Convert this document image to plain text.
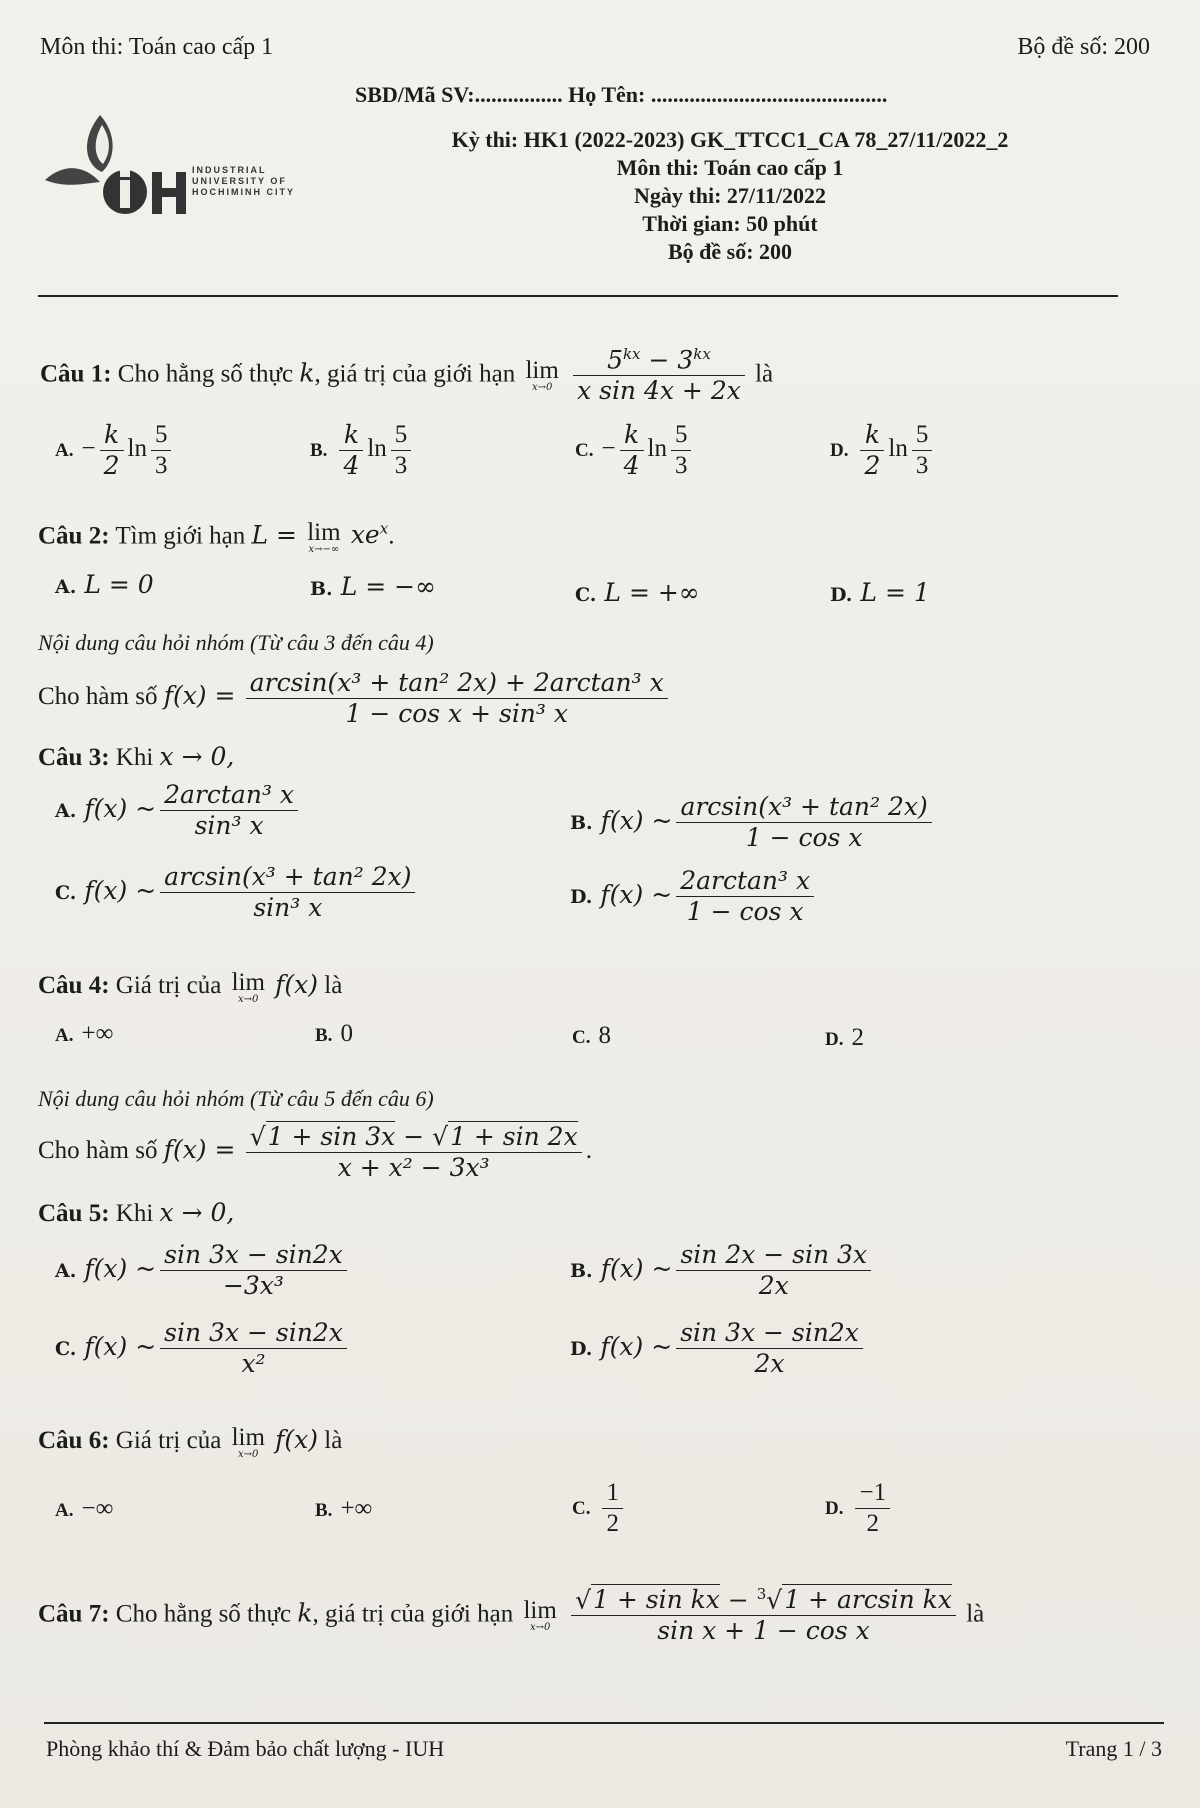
Môn thi: Toán cao cấp 1	Bộ đề số: 200
SBD/Mã SV:................ Họ Tên: ...........................................
INDUSTRIAL
UNIVERSITY OF
HOCHIMINH CITY
Kỳ thi: HK1 (2022-2023) GK_TTCC1_CA 78_27/11/2022_2
Môn thi: Toán cao cấp 1
Ngày thi: 27/11/2022
Thời gian: 50 phút
Bộ đề số: 200
Câu 1: Cho hằng số thực k, giá trị của giới hạn lim
x→0
$\frac{5^{kx} - 3^{kx}}{\text{x sin 4x + 2x}}$ là
A. − $\frac{k}{2}$ $\ln \frac{5}{3}$	B. $\frac{k}{4}$ $\ln \frac{5}{3}$	C. − $\frac{k}{4}$ $\ln \frac{5}{3}$	D. $\frac{k}{2}$ $\ln \frac{5}{3}$
Câu 2: Tìm giới hạn L = lim
x→−∞
$xe^x$.
A. L = 0	B. L = −∞	C. L = +∞	D. L = 1
Nội dung câu hỏi nhóm (Từ câu 3 đến câu 4)
Cho hàm số $f(x) = \frac{\text{arcsin(x³ + tan² 2x) + 2arctan³ x}}{\text{1 − cos x + sin³ x}}$
Câu 3: Khi x → 0,
A. f(x) ~ $\frac{\text{2arctan³ x}}{\text{sin³ x}}$	B. f(x) ~ $\frac{\text{arcsin(x³ + tan² 2x)}}{\text{1 − cos x}}$
C. f(x) ~ $\frac{\text{arcsin(x³ + tan² 2x)}}{\text{sin³ x}}$	D. f(x) ~ $\frac{\text{2arctan³ x}}{\text{1 − cos x}}$
Câu 4: Giá trị của lim
x→0
f(x) là
A. +∞	B. 0	C. 8	D. 2
Nội dung câu hỏi nhóm (Từ câu 5 đến câu 6)
Cho hàm số $f(x) = \frac{√1 + \sin 3x - √1 + \sin 2x}{\text{x + x² − 3x³}}$ .
Câu 5: Khi x → 0,
A. f(x) ~ $\frac{\sin 3x - \sin 2x}{\text{−3x³}}$	B. f(x) ~ $\frac{\sin 2x - \sin 3x}{2x}$
C. f(x) ~ $\frac{\sin 3x - \sin 2x}{\text{x²}}$	D. f(x) ~ $\frac{\sin 3x - \sin 2x}{2x}$
Câu 6: Giá trị của lim
x→0
f(x) là
A. −∞	B. +∞	C. $\frac{1}{2}$	D. $\frac{-1}{2}$
Câu 7: Cho hằng số thực k, giá trị của giới hạn lim
x→0
$\frac{√1 + \sin kx - ^3√1 + \arcsin kx}{\text{sin x + 1 − cos x}}$ là
Phòng khảo thí & Đảm bảo chất lượng - IUH	Trang 1 / 3
